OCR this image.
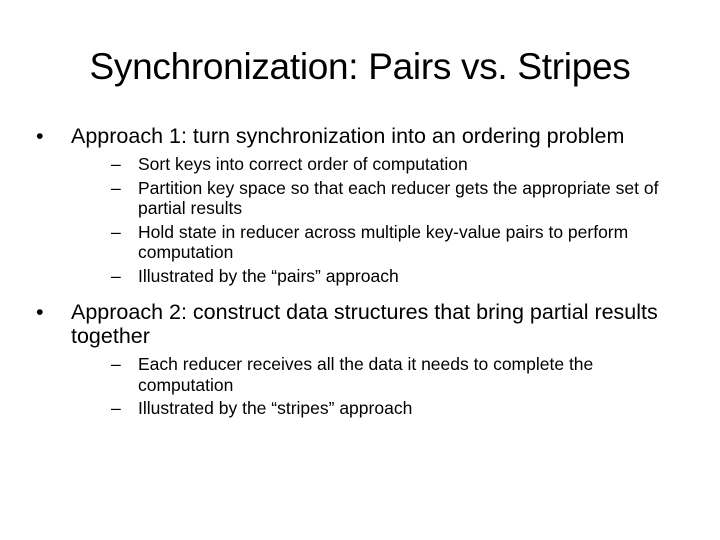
Synchronization: Pairs vs. Stripes
•	Approach 1: turn synchronization into an ordering problem
– Sort keys into correct order of computation
– Partition key space so that each reducer gets the appropriate set of partial results
– Hold state in reducer across multiple key-value pairs to perform computation
– Illustrated by the “pairs” approach
•	Approach 2: construct data structures that bring partial results together
– Each reducer receives all the data it needs to complete the computation
– Illustrated by the “stripes” approach
